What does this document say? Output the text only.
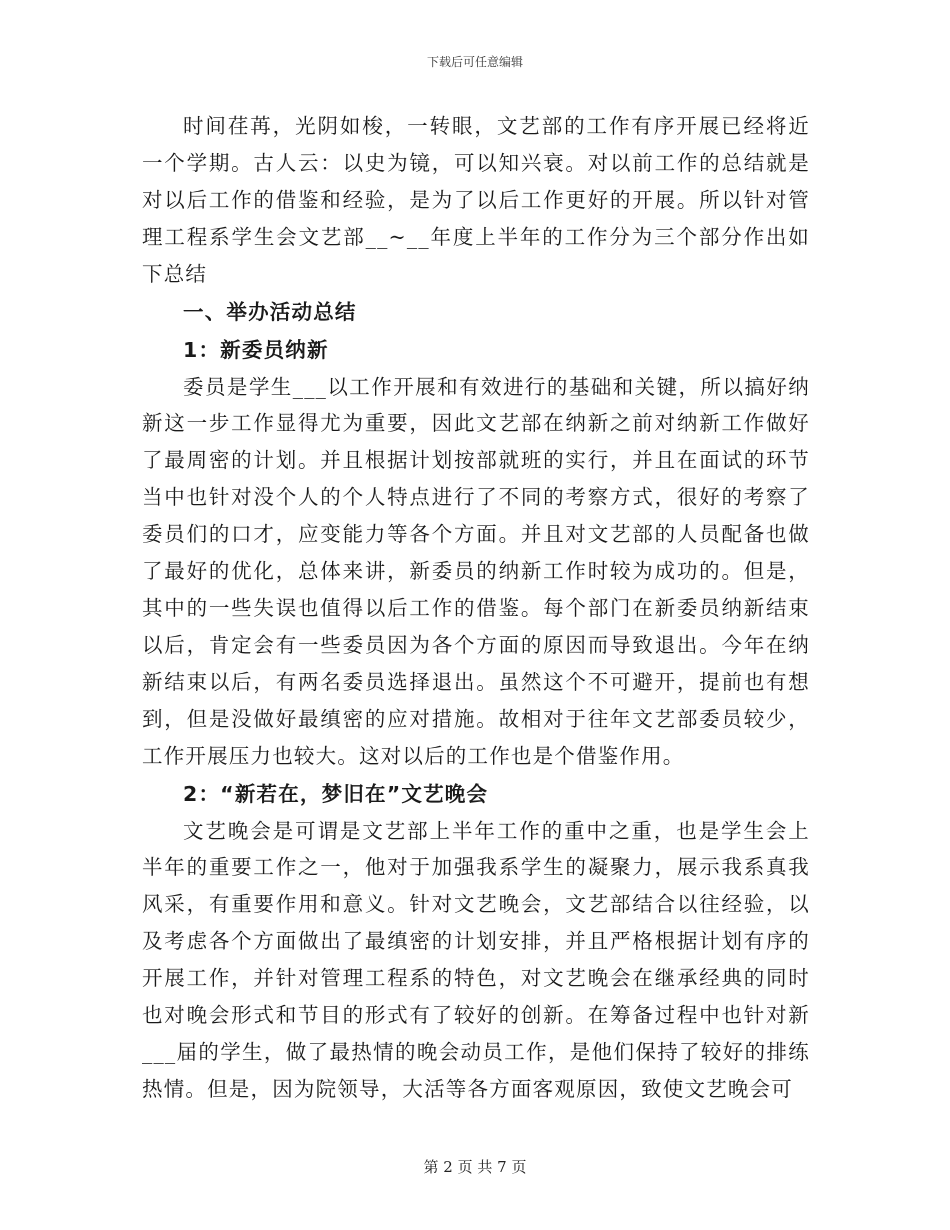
下载后可任意编辑

时间荏苒，光阴如梭，一转眼，文艺部的工作有序开展已经将近一个学期。古人云：以史为镜，可以知兴衰。对以前工作的总结就是对以后工作的借鉴和经验，是为了以后工作更好的开展。所以针对管理工程系学生会文艺部__~__年度上半年的工作分为三个部分作出如下总结

一、举办活动总结
1：新委员纳新

委员是学生___以工作开展和有效进行的基础和关键，所以搞好纳新这一步工作显得尤为重要，因此文艺部在纳新之前对纳新工作做好了最周密的计划。并且根据计划按部就班的实行，并且在面试的环节当中也针对没个人的个人特点进行了不同的考察方式，很好的考察了委员们的口才，应变能力等各个方面。并且对文艺部的人员配备也做了最好的优化，总体来讲，新委员的纳新工作时较为成功的。但是，其中的一些失误也值得以后工作的借鉴。每个部门在新委员纳新结束以后，肯定会有一些委员因为各个方面的原因而导致退出。今年在纳新结束以后，有两名委员选择退出。虽然这个不可避开，提前也有想到，但是没做好最缜密的应对措施。故相对于往年文艺部委员较少，工作开展压力也较大。这对以后的工作也是个借鉴作用。

2：“新若在，梦旧在”文艺晚会

文艺晚会是可谓是文艺部上半年工作的重中之重，也是学生会上半年的重要工作之一，他对于加强我系学生的凝聚力，展示我系真我风采，有重要作用和意义。针对文艺晚会，文艺部结合以往经验，以及考虑各个方面做出了最缜密的计划安排，并且严格根据计划有序的开展工作，并针对管理工程系的特色，对文艺晚会在继承经典的同时也对晚会形式和节目的形式有了较好的创新。在筹备过程中也针对新___届的学生，做了最热情的晚会动员工作，是他们保持了较好的排练热情。但是，因为院领导，大活等各方面客观原因，致使文艺晚会可

第 2 页 共 7 页
